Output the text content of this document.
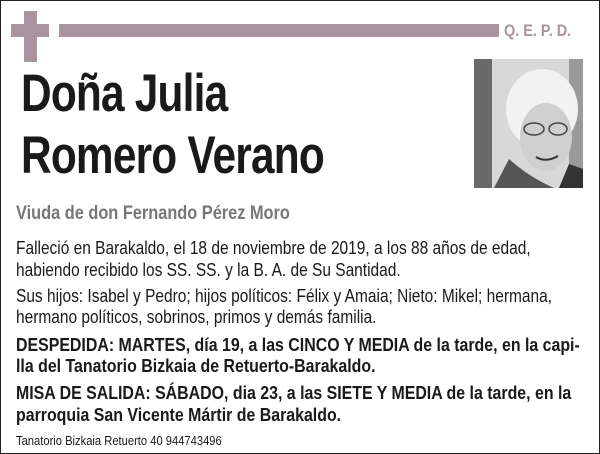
Q. E. P. D.
Doña Julia
Romero Verano
Viuda de don Fernando Pérez Moro
Falleció en Barakaldo, el 18 de noviembre de 2019, a los 88 años de edad,
habiendo recibido los SS. SS. y la B. A. de Su Santidad.
Sus hijos: Isabel y Pedro; hijos políticos: Félix y Amaia; Nieto: Mikel; hermana,
hermano políticos, sobrinos, primos y demás familia.
DESPEDIDA: MARTES, día 19, a las CINCO Y MEDIA de la tarde, en la capi-
lla del Tanatorio Bizkaia de Retuerto-Barakaldo.
MISA DE SALIDA: SÁBADO, dia 23, a las SIETE Y MEDIA de la tarde, en la
parroquia San Vicente Mártir de Barakaldo.
Tanatorio Bizkaia Retuerto 40 944743496
